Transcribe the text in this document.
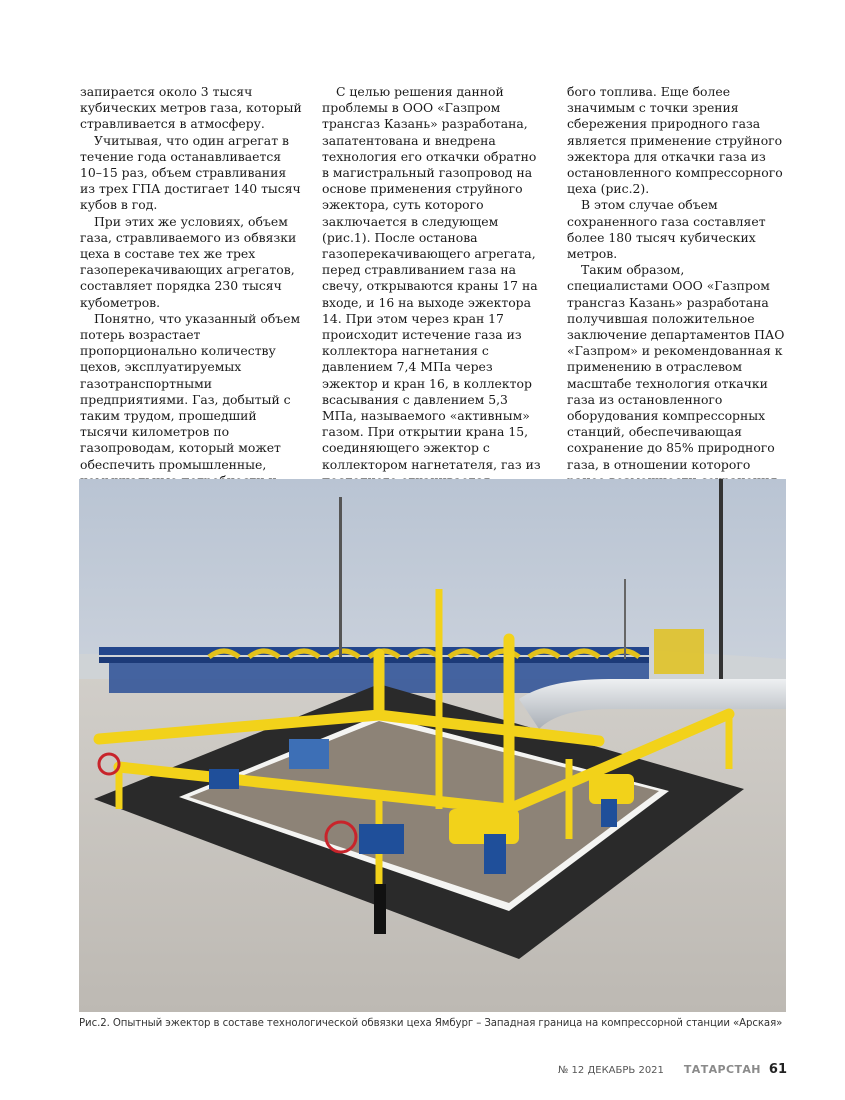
запирается около 3 тысяч кубических метров газа, который стравливается в атмосферу.

Учитывая, что один агрегат в течение года останавливается 10–15 раз, объем стравливания из трех ГПА достигает 140 тысяч кубов в год.

При этих же условиях, объем газа, стравливаемого из обвязки цеха в составе тех же трех газоперекачивающих агрегатов, составляет порядка 230 тысяч кубометров.

Понятно, что указанный объем потерь возрастает пропорционально количеству цехов, эксплуатируемых газотранспортными предприятиями. Газ, добытый с таким трудом, прошедший тысячи километров по газопроводам, который может обеспечить промышленные,

С целью решения данной проблемы в ООО «Газпром трансгаз Казань» разработана, запатентована и внедрена технология его откачки обратно в магистральный газопровод на основе применения струйного эжектора, суть которого заключается в следующем (рис.1). После останова газоперекачивающего агрегата, перед стравливанием газа на свечу, открываются краны 17 на входе, и 16 на выходе эжектора 14. При этом через кран 17 происходит истечение газа из коллектора нагнетания с давлением 7,4 МПа через эжектор и кран 16, в коллектор всасывания с давлением 5,3 МПа, называемого «активным» газом. При открытии крана 15, соединяющего эжектор с коллектором нагнетателя, газ из

бого топлива. Еще более значимым с точки зрения сбережения природного газа является применение струйного эжектора для откачки газа из остановленного компрессорного цеха (рис.2).

В этом случае объем сохраненного газа составляет более 180 тысяч кубических метров.

Таким образом, специалистами ООО «Газпром трансгаз Казань» разработана получившая положительное заключение департаментов ПАО «Газпром» и рекомендованная к применению в отраслевом масштабе технология откачки газа из остановленного оборудования компрессорных станций, обеспечивающая сохранение до 85% природного газа, в отношении которого

Рис.2. Опытный эжектор в составе технологической обвязки цеха Ямбург – Западная граница на компрессорной станции «Арская»
№ 12 ДЕКАБРЬ 2021 ТАТАРСТАН 61
